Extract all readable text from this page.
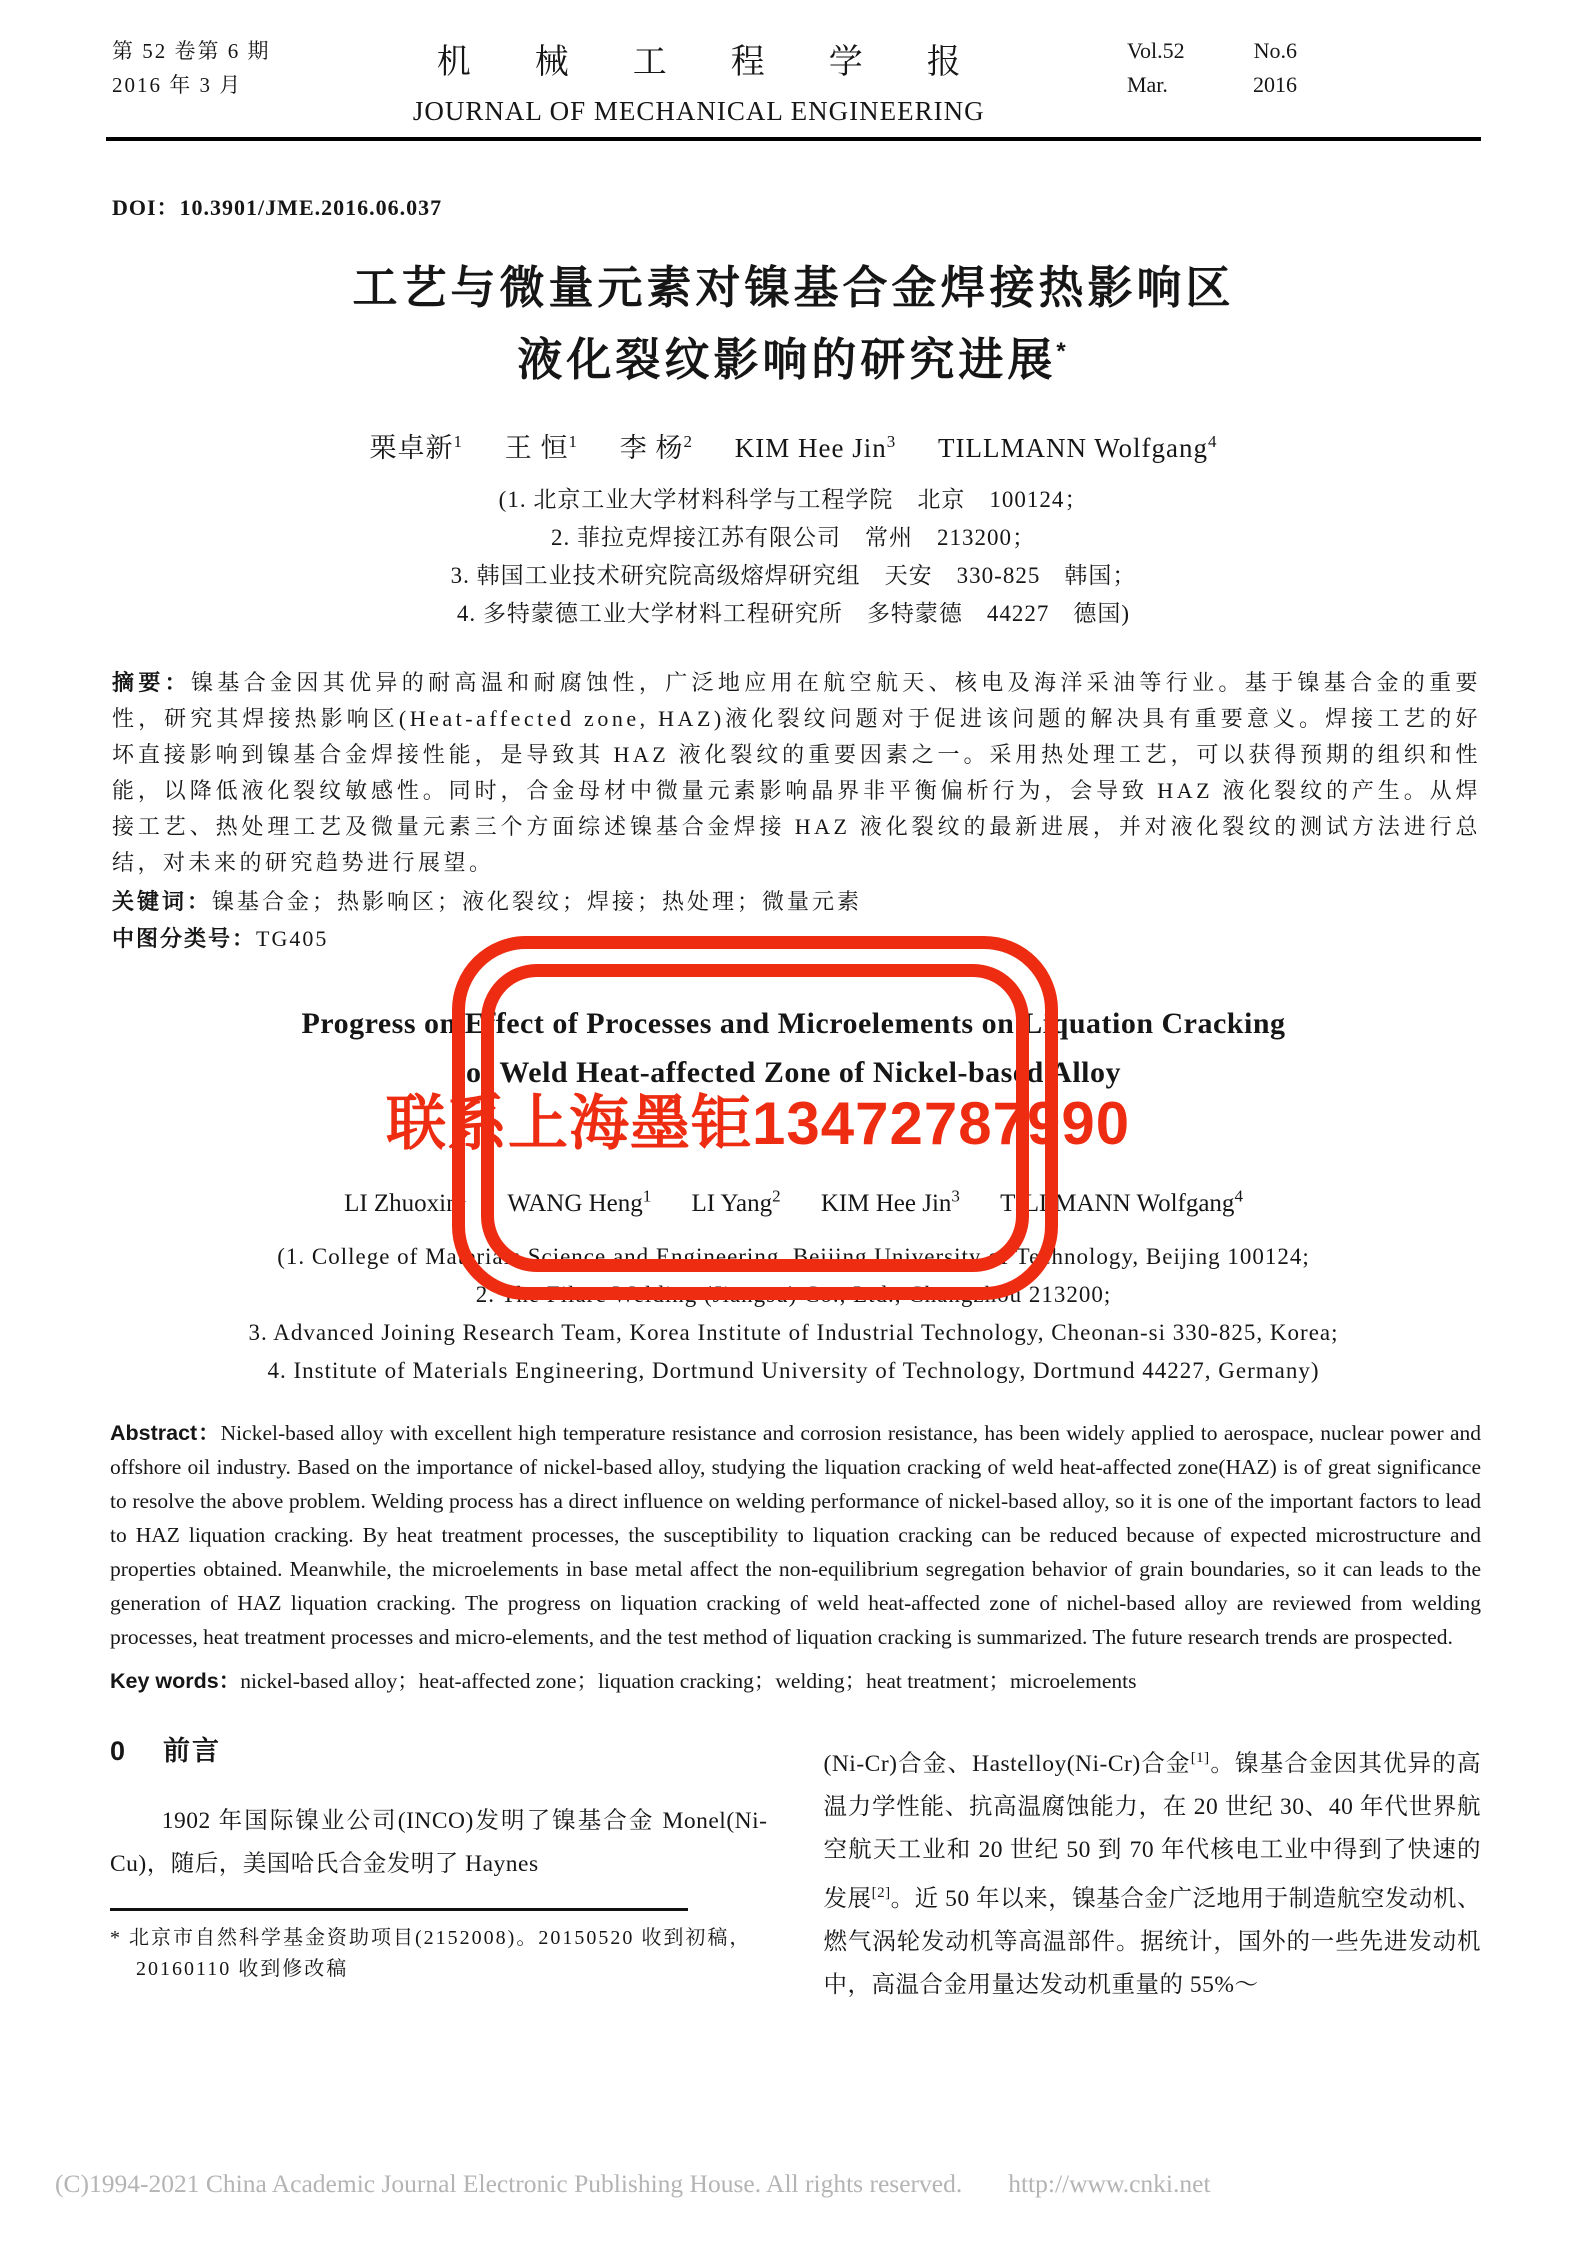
第 52 卷第 6 期
2016 年 3 月
机械工程学报
JOURNAL OF MECHANICAL ENGINEERING
Vol.52	No.6
Mar.	2016
DOI：10.3901/JME.2016.06.037
工艺与微量元素对镍基合金焊接热影响区
液化裂纹影响的研究进展*
栗卓新$^1$ 王 恒$^1$ 李 杨$^2$ KIM Hee Jin$^3$ TILLMANN Wolfgang$^4$
(1. 北京工业大学材料科学与工程学院　北京　100124；
2. 菲拉克焊接江苏有限公司　常州　213200；
3. 韩国工业技术研究院高级熔焊研究组　天安　330-825　韩国；
4. 多特蒙德工业大学材料工程研究所　多特蒙德　44227　德国)

摘要：镍基合金因其优异的耐高温和耐腐蚀性，广泛地应用在航空航天、核电及海洋采油等行业。基于镍基合金的重要性，研究其焊接热影响区(Heat-affected zone, HAZ)液化裂纹问题对于促进该问题的解决具有重要意义。焊接工艺的好坏直接影响到镍基合金焊接性能，是导致其 HAZ 液化裂纹的重要因素之一。采用热处理工艺，可以获得预期的组织和性能，以降低液化裂纹敏感性。同时，合金母材中微量元素影响晶界非平衡偏析行为，会导致 HAZ 液化裂纹的产生。从焊接工艺、热处理工艺及微量元素三个方面综述镍基合金焊接 HAZ 液化裂纹的最新进展，并对液化裂纹的测试方法进行总结，对未来的研究趋势进行展望。

关键词：镍基合金；热影响区；液化裂纹；焊接；热处理；微量元素

中图分类号：TG405

Progress on Effect of Processes and Microelements on Liquation Cracking
of Weld Heat-affected Zone of Nickel-based Alloy
LI Zhuoxin$^1$ WANG Heng$^1$ LI Yang$^2$ KIM Hee Jin$^3$ TILLMANN Wolfgang$^4$
(1. College of Materials Science and Engineering, Beijing University of Technology, Beijing 100124;
2. The Filarc Welding (Jiangsu) Co., Ltd., Changzhou 213200;
3. Advanced Joining Research Team, Korea Institute of Industrial Technology, Cheonan-si 330-825, Korea;
4. Institute of Materials Engineering, Dortmund University of Technology, Dortmund 44227, Germany)

Abstract：Nickel-based alloy with excellent high temperature resistance and corrosion resistance, has been widely applied to aerospace, nuclear power and offshore oil industry. Based on the importance of nickel-based alloy, studying the liquation cracking of weld heat-affected zone(HAZ) is of great significance to resolve the above problem. Welding process has a direct influence on welding performance of nickel-based alloy, so it is one of the important factors to lead to HAZ liquation cracking. By heat treatment processes, the susceptibility to liquation cracking can be reduced because of expected microstructure and properties obtained. Meanwhile, the microelements in base metal affect the non-equilibrium segregation behavior of grain boundaries, so it can leads to the generation of HAZ liquation cracking. The progress on liquation cracking of weld heat-affected zone of nichel-based alloy are reviewed from welding processes, heat treatment processes and micro-elements, and the test method of liquation cracking is summarized. The future research trends are prospected.

Key words：nickel-based alloy；heat-affected zone；liquation cracking；welding；heat treatment；microelements

0 前言

1902 年国际镍业公司(INCO)发明了镍基合金 Monel(Ni-Cu)，随后，美国哈氏合金发明了 Haynes

* 北京市自然科学基金资助项目(2152008)。20150520 收到初稿，
20160110 收到修改稿

(Ni-Cr)合金、Hastelloy(Ni-Cr)合金[1]。镍基合金因其优异的高温力学性能、抗高温腐蚀能力，在 20 世纪 30、40 年代世界航空航天工业和 20 世纪 50 到 70 年代核电工业中得到了快速的发展[2]。近 50 年以来，镍基合金广泛地用于制造航空发动机、燃气涡轮发动机等高温部件。据统计，国外的一些先进发动机中，高温合金用量达发动机重量的 55%～

联系上海墨钜13472787990
(C)1994-2021 China Academic Journal Electronic Publishing House. All rights reserved. http://www.cnki.net
